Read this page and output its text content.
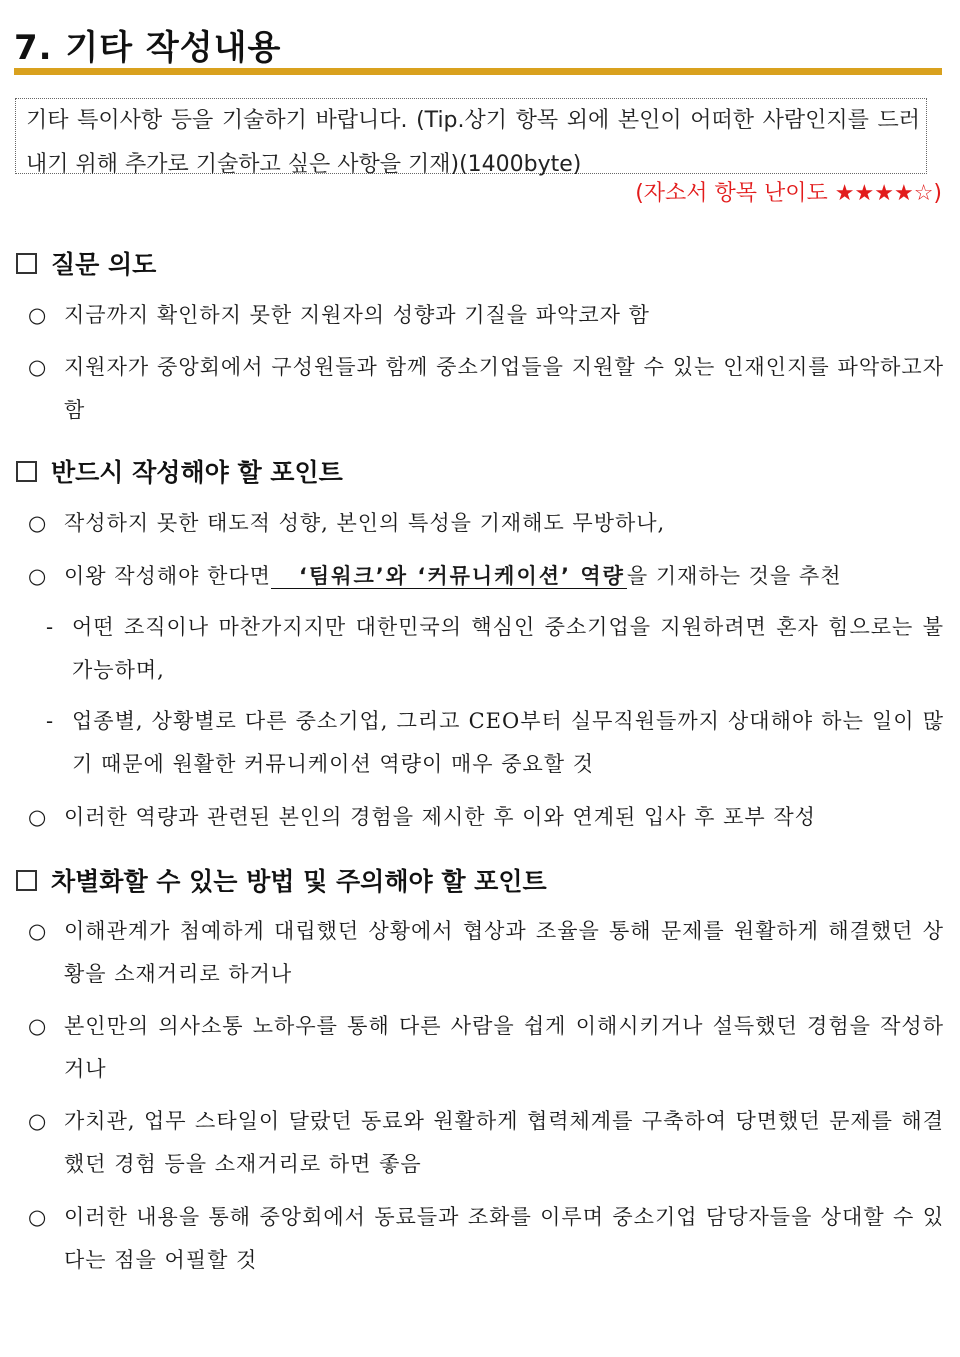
7. 기타 작성내용
기타 특이사항 등을 기술하기 바랍니다. (Tip.상기 항목 외에 본인이 어떠한 사람인지를 드러내기 위해 추가로 기술하고 싶은 사항을 기재)(1400byte)
(자소서 항목 난이도 ★★★★☆)
질문 의도
○ 지금까지 확인하지 못한 지원자의 성향과 기질을 파악코자 함
○ 지원자가 중앙회에서 구성원들과 함께 중소기업들을 지원할 수 있는 인재인지를 파악하고자 함
반드시 작성해야 할 포인트
○ 작성하지 못한 태도적 성향, 본인의 특성을 기재해도 무방하나,
○ 이왕 작성해야 한다면 ‘팀워크’와 ‘커뮤니케이션’ 역량을 기재하는 것을 추천
- 어떤 조직이나 마찬가지지만 대한민국의 핵심인 중소기업을 지원하려면 혼자 힘으로는 불가능하며,
- 업종별, 상황별로 다른 중소기업, 그리고 CEO부터 실무직원들까지 상대해야 하는 일이 많기 때문에 원활한 커뮤니케이션 역량이 매우 중요할 것
○ 이러한 역량과 관련된 본인의 경험을 제시한 후 이와 연계된 입사 후 포부 작성
차별화할 수 있는 방법 및 주의해야 할 포인트
○ 이해관계가 첨예하게 대립했던 상황에서 협상과 조율을 통해 문제를 원활하게 해결했던 상황을 소재거리로 하거나
○ 본인만의 의사소통 노하우를 통해 다른 사람을 쉽게 이해시키거나 설득했던 경험을 작성하거나
○ 가치관, 업무 스타일이 달랐던 동료와 원활하게 협력체계를 구축하여 당면했던 문제를 해결했던 경험 등을 소재거리로 하면 좋음
○ 이러한 내용을 통해 중앙회에서 동료들과 조화를 이루며 중소기업 담당자들을 상대할 수 있다는 점을 어필할 것
